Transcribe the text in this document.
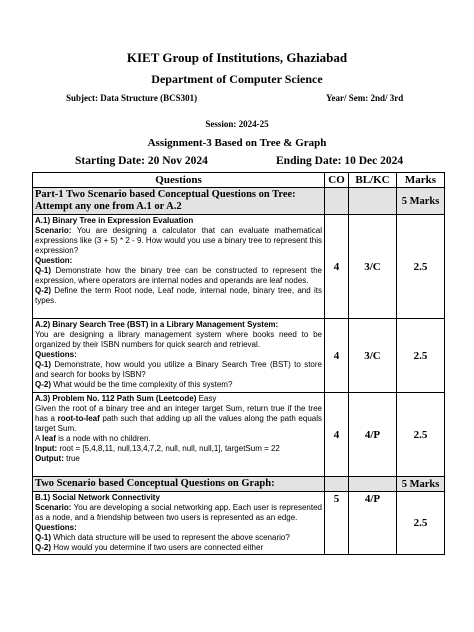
KIET Group of Institutions, Ghaziabad
Department of Computer Science
Subject: Data Structure (BCS301)	Year/ Sem: 2nd/ 3rd
Session: 2024-25
Assignment-3 Based on Tree & Graph
Starting Date: 20 Nov 2024	Ending Date: 10 Dec 2024
Questions	CO	BL/KC	Marks
Part-1 Two Scenario based Conceptual Questions on Tree: Attempt any one from A.1 or A.2			5 Marks

A.1) Binary Tree in Expression Evaluation
Scenario: You are designing a calculator that can evaluate mathematical expressions like (3 + 5) * 2 - 9. How would you use a binary tree to represent this expression?
Question:
Q-1) Demonstrate how the binary tree can be constructed to represent the expression, where operators are internal nodes and operands are leaf nodes.
Q-2) Define the term Root node, Leaf node, internal node, binary tree, and its types.	4	3/C	2.5

A.2) Binary Search Tree (BST) in a Library Management System:
You are designing a library management system where books need to be organized by their ISBN numbers for quick search and retrieval.
Questions:
Q-1) Demonstrate, how would you utilize a Binary Search Tree (BST) to store and search for books by ISBN?
Q-2) What would be the time complexity of this system?	4	3/C	2.5

A.3) Problem No. 112 Path Sum (Leetcode) Easy
Given the root of a binary tree and an integer target Sum, return true if the tree has a root-to-leaf path such that adding up all the values along the path equals target Sum.
A leaf is a node with no children.
Input: root = [5,4,8,11, null,13,4,7,2, null, null, null,1], targetSum = 22
Output: true	4	4/P	2.5
Two Scenario based Conceptual Questions on Graph:			5 Marks

B.1) Social Network Connectivity
Scenario: You are developing a social networking app. Each user is represented as a node, and a friendship between two users is represented as an edge.
Questions:
Q-1) Which data structure will be used to represent the above scenario?
Q-2) How would you determine if two users are connected either	5	4/P	2.5
